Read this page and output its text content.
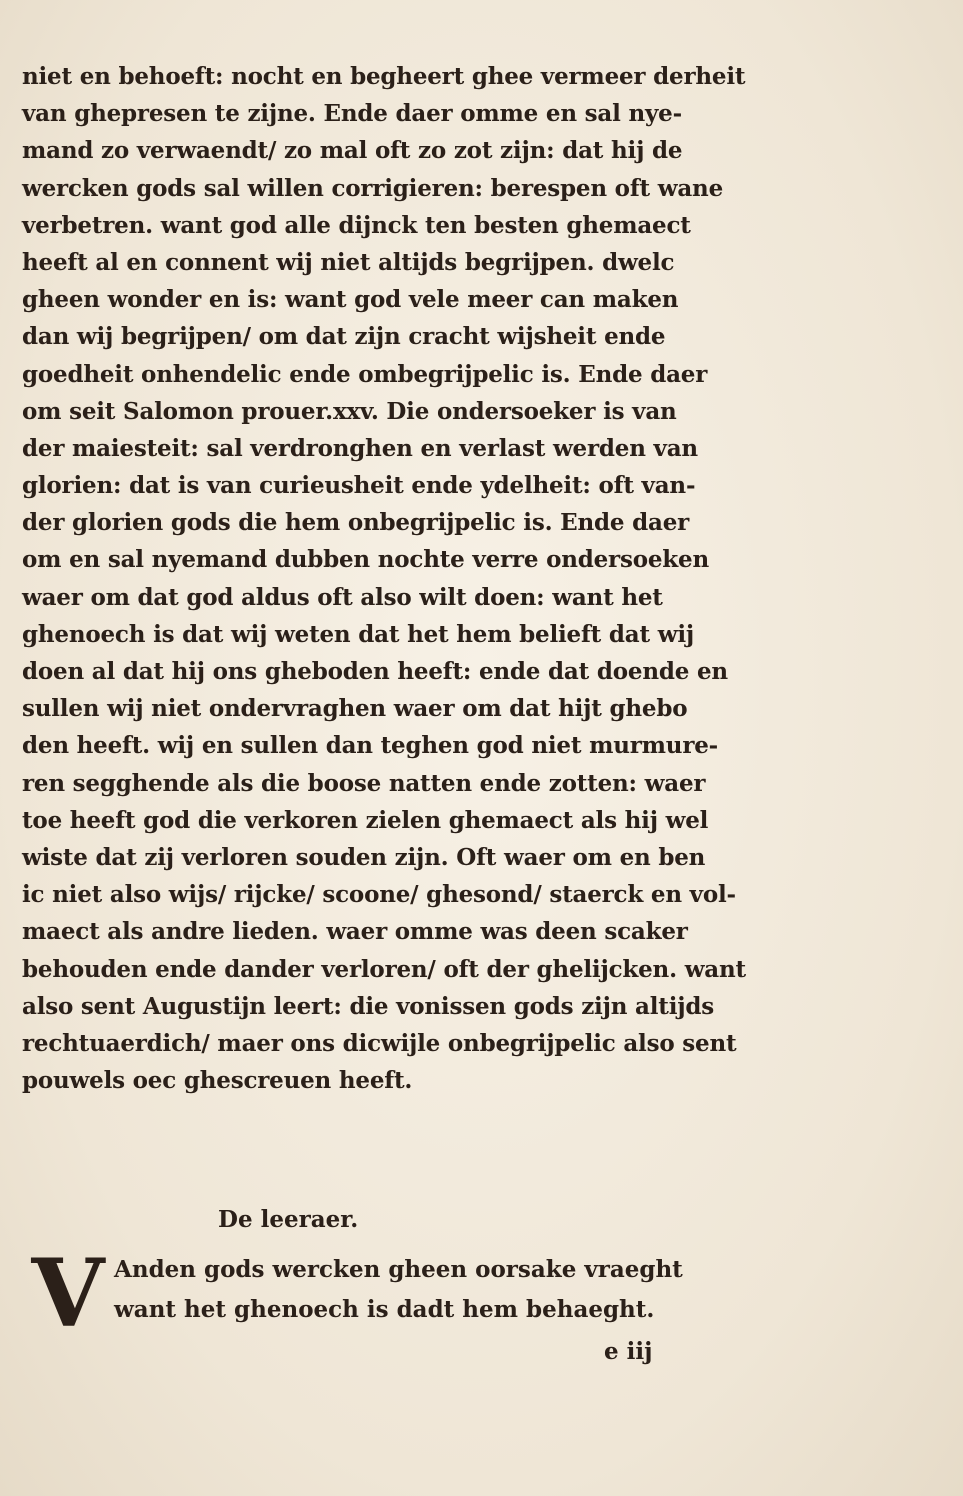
niet en behoeft: nocht en begheert ghee vermeer derheit
van ghepresen te zijne. Ende daer omme en sal nye-
mand zo verwaendt/ zo mal oft zo zot zijn: dat hij de
wercken gods sal willen corrigieren: berespen oft wane
verbetren. want god alle dijnck ten besten ghemaect
heeft al en connent wij niet altijds begrijpen. dwelc
gheen wonder en is: want god vele meer can maken
dan wij begrijpen/ om dat zijn cracht wijsheit ende
goedheit onhendelic ende ombegrijpelic is. Ende daer
om seit Salomon prouer.xxv. Die ondersoeker is van
der maiesteit: sal verdronghen en verlast werden van
glorien: dat is van curieusheit ende ydelheit: oft van-
der glorien gods die hem onbegrijpelic is. Ende daer
om en sal nyemand dubben nochte verre ondersoeken
waer om dat god aldus oft also wilt doen: want het
ghenoech is dat wij weten dat het hem belieft dat wij
doen al dat hij ons gheboden heeft: ende dat doende en
sullen wij niet ondervraghen waer om dat hijt ghebo
den heeft. wij en sullen dan teghen god niet murmure-
ren segghende als die boose natten ende zotten: waer
toe heeft god die verkoren zielen ghemaect als hij wel
wiste dat zij verloren souden zijn. Oft waer om en ben
ic niet also wijs/ rijcke/ scoone/ ghesond/ staerck en vol-
maect als andre lieden. waer omme was deen scaker
behouden ende dander verloren/ oft der ghelijcken. want
also sent Augustijn leert: die vonissen gods zijn altijds
rechtuaerdich/ maer ons dicwijle onbegrijpelic also sent
pouwels oec ghescreuen heeft.
De leeraer.
V Anden gods wercken gheen oorsake vraeght
want het ghenoech is dadt hem behaeght.
e iij
